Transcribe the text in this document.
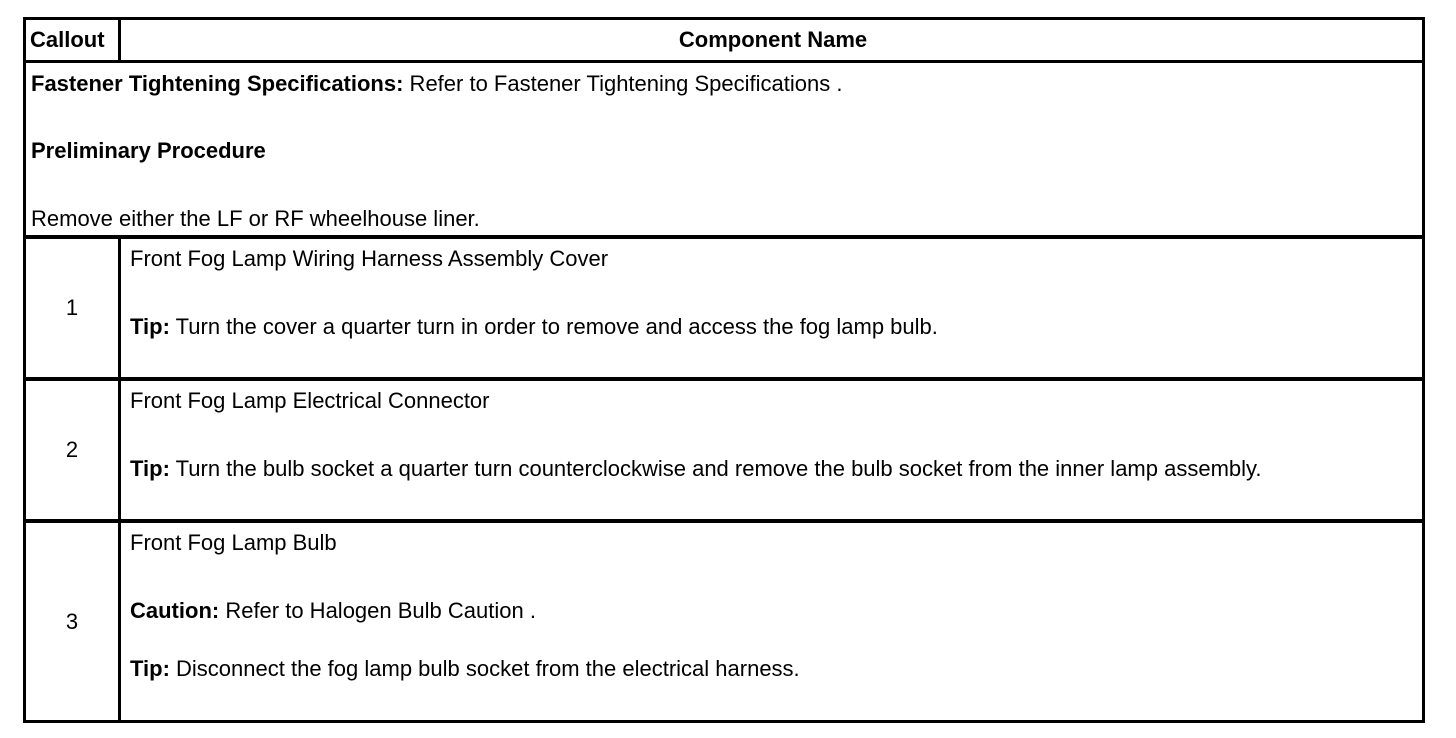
Callout	Component Name
Fastener Tightening Specifications: Refer to Fastener Tightening Specifications .
Preliminary Procedure
Remove either the LF or RF wheelhouse liner.
1
Front Fog Lamp Wiring Harness Assembly Cover
Tip: Turn the cover a quarter turn in order to remove and access the fog lamp bulb.
2
Front Fog Lamp Electrical Connector
Tip: Turn the bulb socket a quarter turn counterclockwise and remove the bulb socket from the inner lamp assembly.
3
Front Fog Lamp Bulb
Caution: Refer to Halogen Bulb Caution .
Tip: Disconnect the fog lamp bulb socket from the electrical harness.
